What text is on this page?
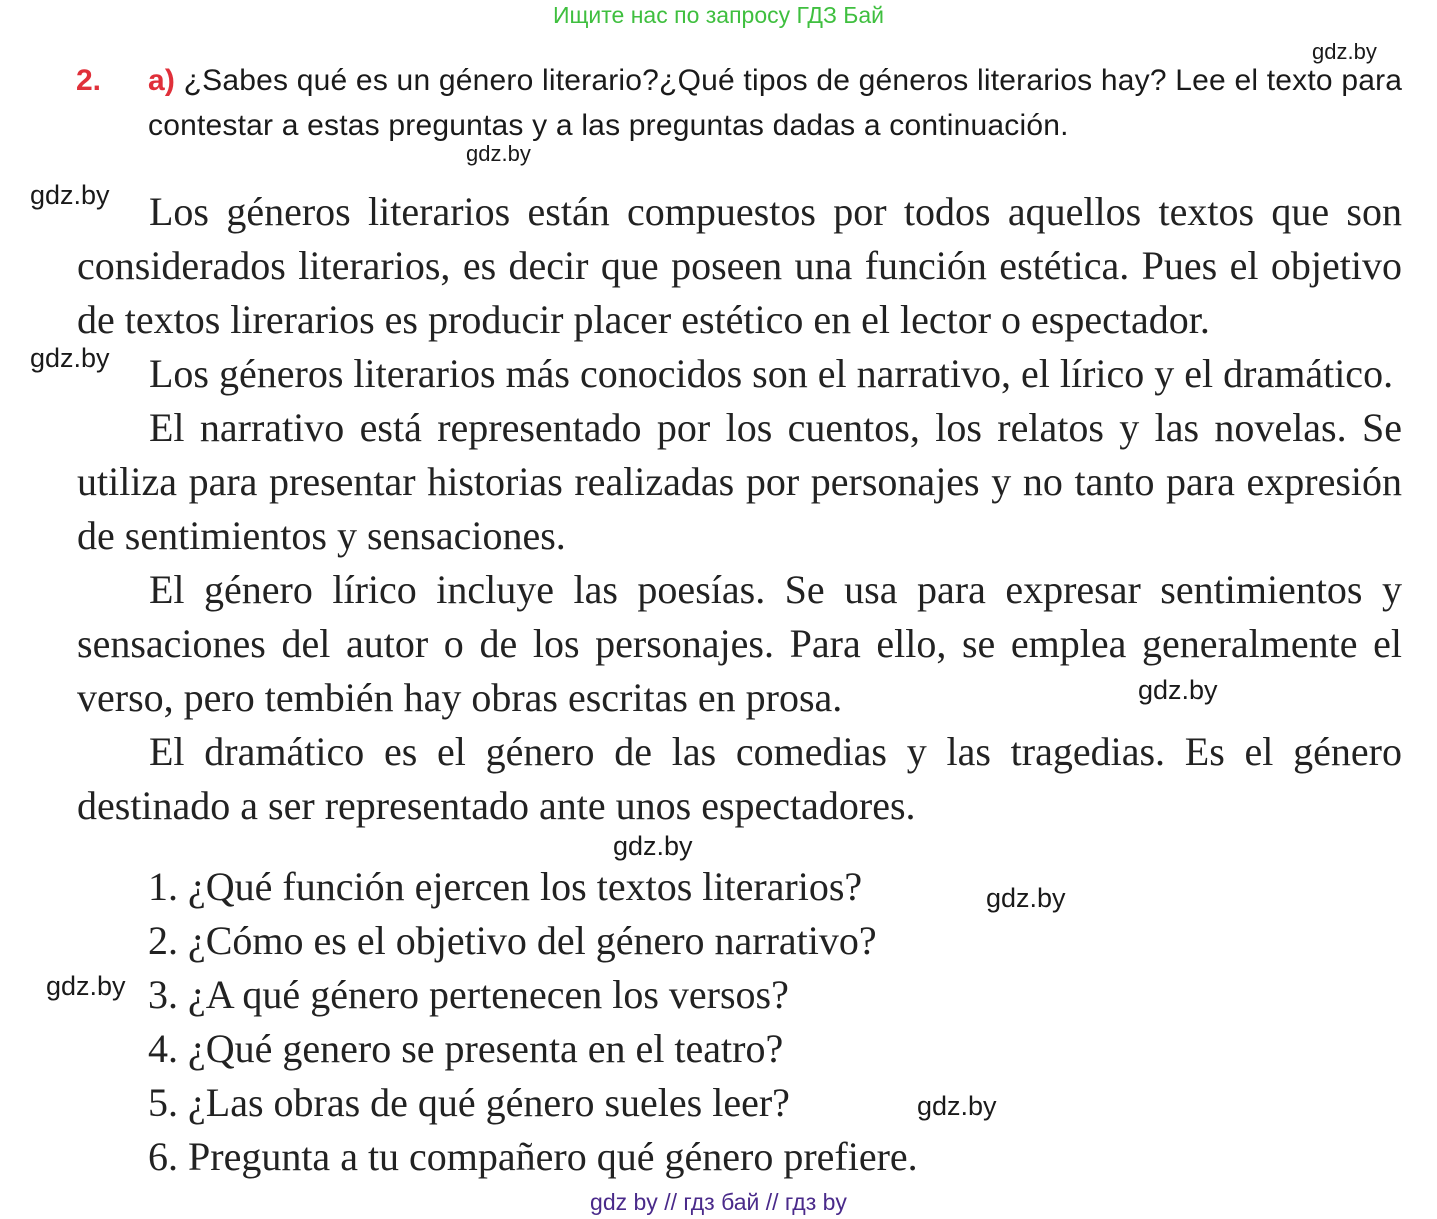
Ищите нас по запросу ГДЗ Бай
gdz.by
gdz.by
gdz.by
gdz.by
gdz.by
gdz.by
gdz.by
gdz.by
gdz.by
2. а) ¿Sabes qué es un género literario?¿Qué tipos de géneros literarios hay? Lee el texto para contestar a estas preguntas y a las preguntas dadas a continuación.

Los géneros literarios están compuestos por todos aquellos textos que son considerados literarios, es decir que poseen una función estética. Pues el objetivo de textos lirerarios es producir placer estético en el lector o espectador.

Los géneros literarios más conocidos son el narrativo, el lírico y el dramático.

El narrativo está representado por los cuentos, los relatos y las novelas. Se utiliza para presentar historias realizadas por personajes y no tanto para expresión de sentimientos y sensaciones.

El género lírico incluye las poesías. Se usa para expresar sentimientos y sensaciones del autor o de los personajes. Para ello, se emplea generalmente el verso, pero tembién hay obras escritas en prosa.

El dramático es el género de las comedias y las tragedias. Es el género destinado a ser representado ante unos espectadores.

1. ¿Qué función ejercen los textos literarios?
2. ¿Cómo es el objetivo del género narrativo?
3. ¿A qué género pertenecen los versos?
4. ¿Qué genero se presenta en el teatro?
5. ¿Las obras de qué género sueles leer?
6. Pregunta a tu compañero qué género prefiere.
gdz by // гдз бай // гдз by
